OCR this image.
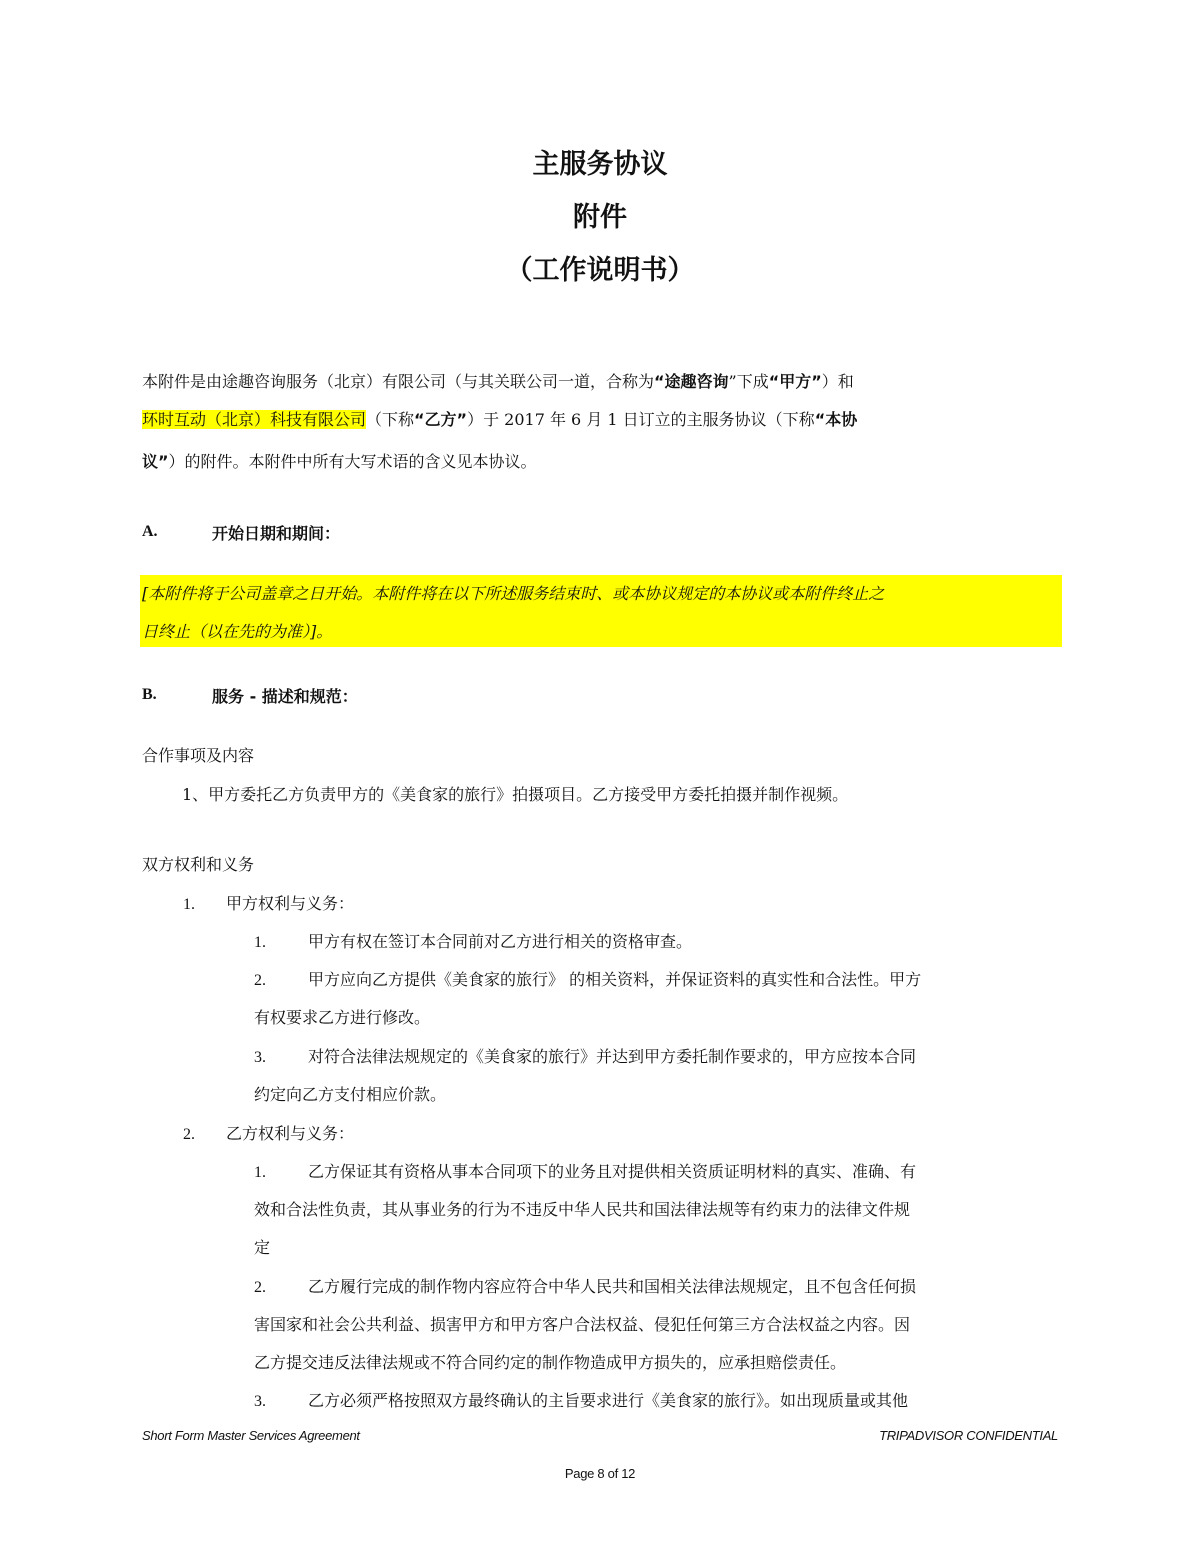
主服务协议
附件
（工作说明书）
本附件是由途趣咨询服务（北京）有限公司（与其关联公司一道，合称为“途趣咨询”下成“甲方”）和
环时互动（北京）科技有限公司（下称“乙方”）于 2017 年 6 月 1 日订立的主服务协议（下称“本协
议”）的附件。本附件中所有大写术语的含义见本协议。
A.	开始日期和期间：
[本附件将于公司盖章之日开始。本附件将在以下所述服务结束时、或本协议规定的本协议或本附件终止之
日终止（以在先的为准）]。
B.	服务 - 描述和规范：
合作事项及内容
1、甲方委托乙方负责甲方的《美食家的旅行》拍摄项目。乙方接受甲方委托拍摄并制作视频。
双方权利和义务
1. 甲方权利与义务：
1.	甲方有权在签订本合同前对乙方进行相关的资格审查。
2.	甲方应向乙方提供《美食家的旅行》 的相关资料，并保证资料的真实性和合法性。甲方
有权要求乙方进行修改。
3.	对符合法律法规规定的《美食家的旅行》并达到甲方委托制作要求的，甲方应按本合同
约定向乙方支付相应价款。
2. 乙方权利与义务：
1.	乙方保证其有资格从事本合同项下的业务且对提供相关资质证明材料的真实、准确、有
效和合法性负责，其从事业务的行为不违反中华人民共和国法律法规等有约束力的法律文件规
定
2.	乙方履行完成的制作物内容应符合中华人民共和国相关法律法规规定，且不包含任何损
害国家和社会公共利益、损害甲方和甲方客户合法权益、侵犯任何第三方合法权益之内容。因
乙方提交违反法律法规或不符合同约定的制作物造成甲方损失的，应承担赔偿责任。
3.	乙方必须严格按照双方最终确认的主旨要求进行《美食家的旅行》。如出现质量或其他
Short Form Master Services Agreement	TRIPADVISOR CONFIDENTIAL
Page 8 of 12
